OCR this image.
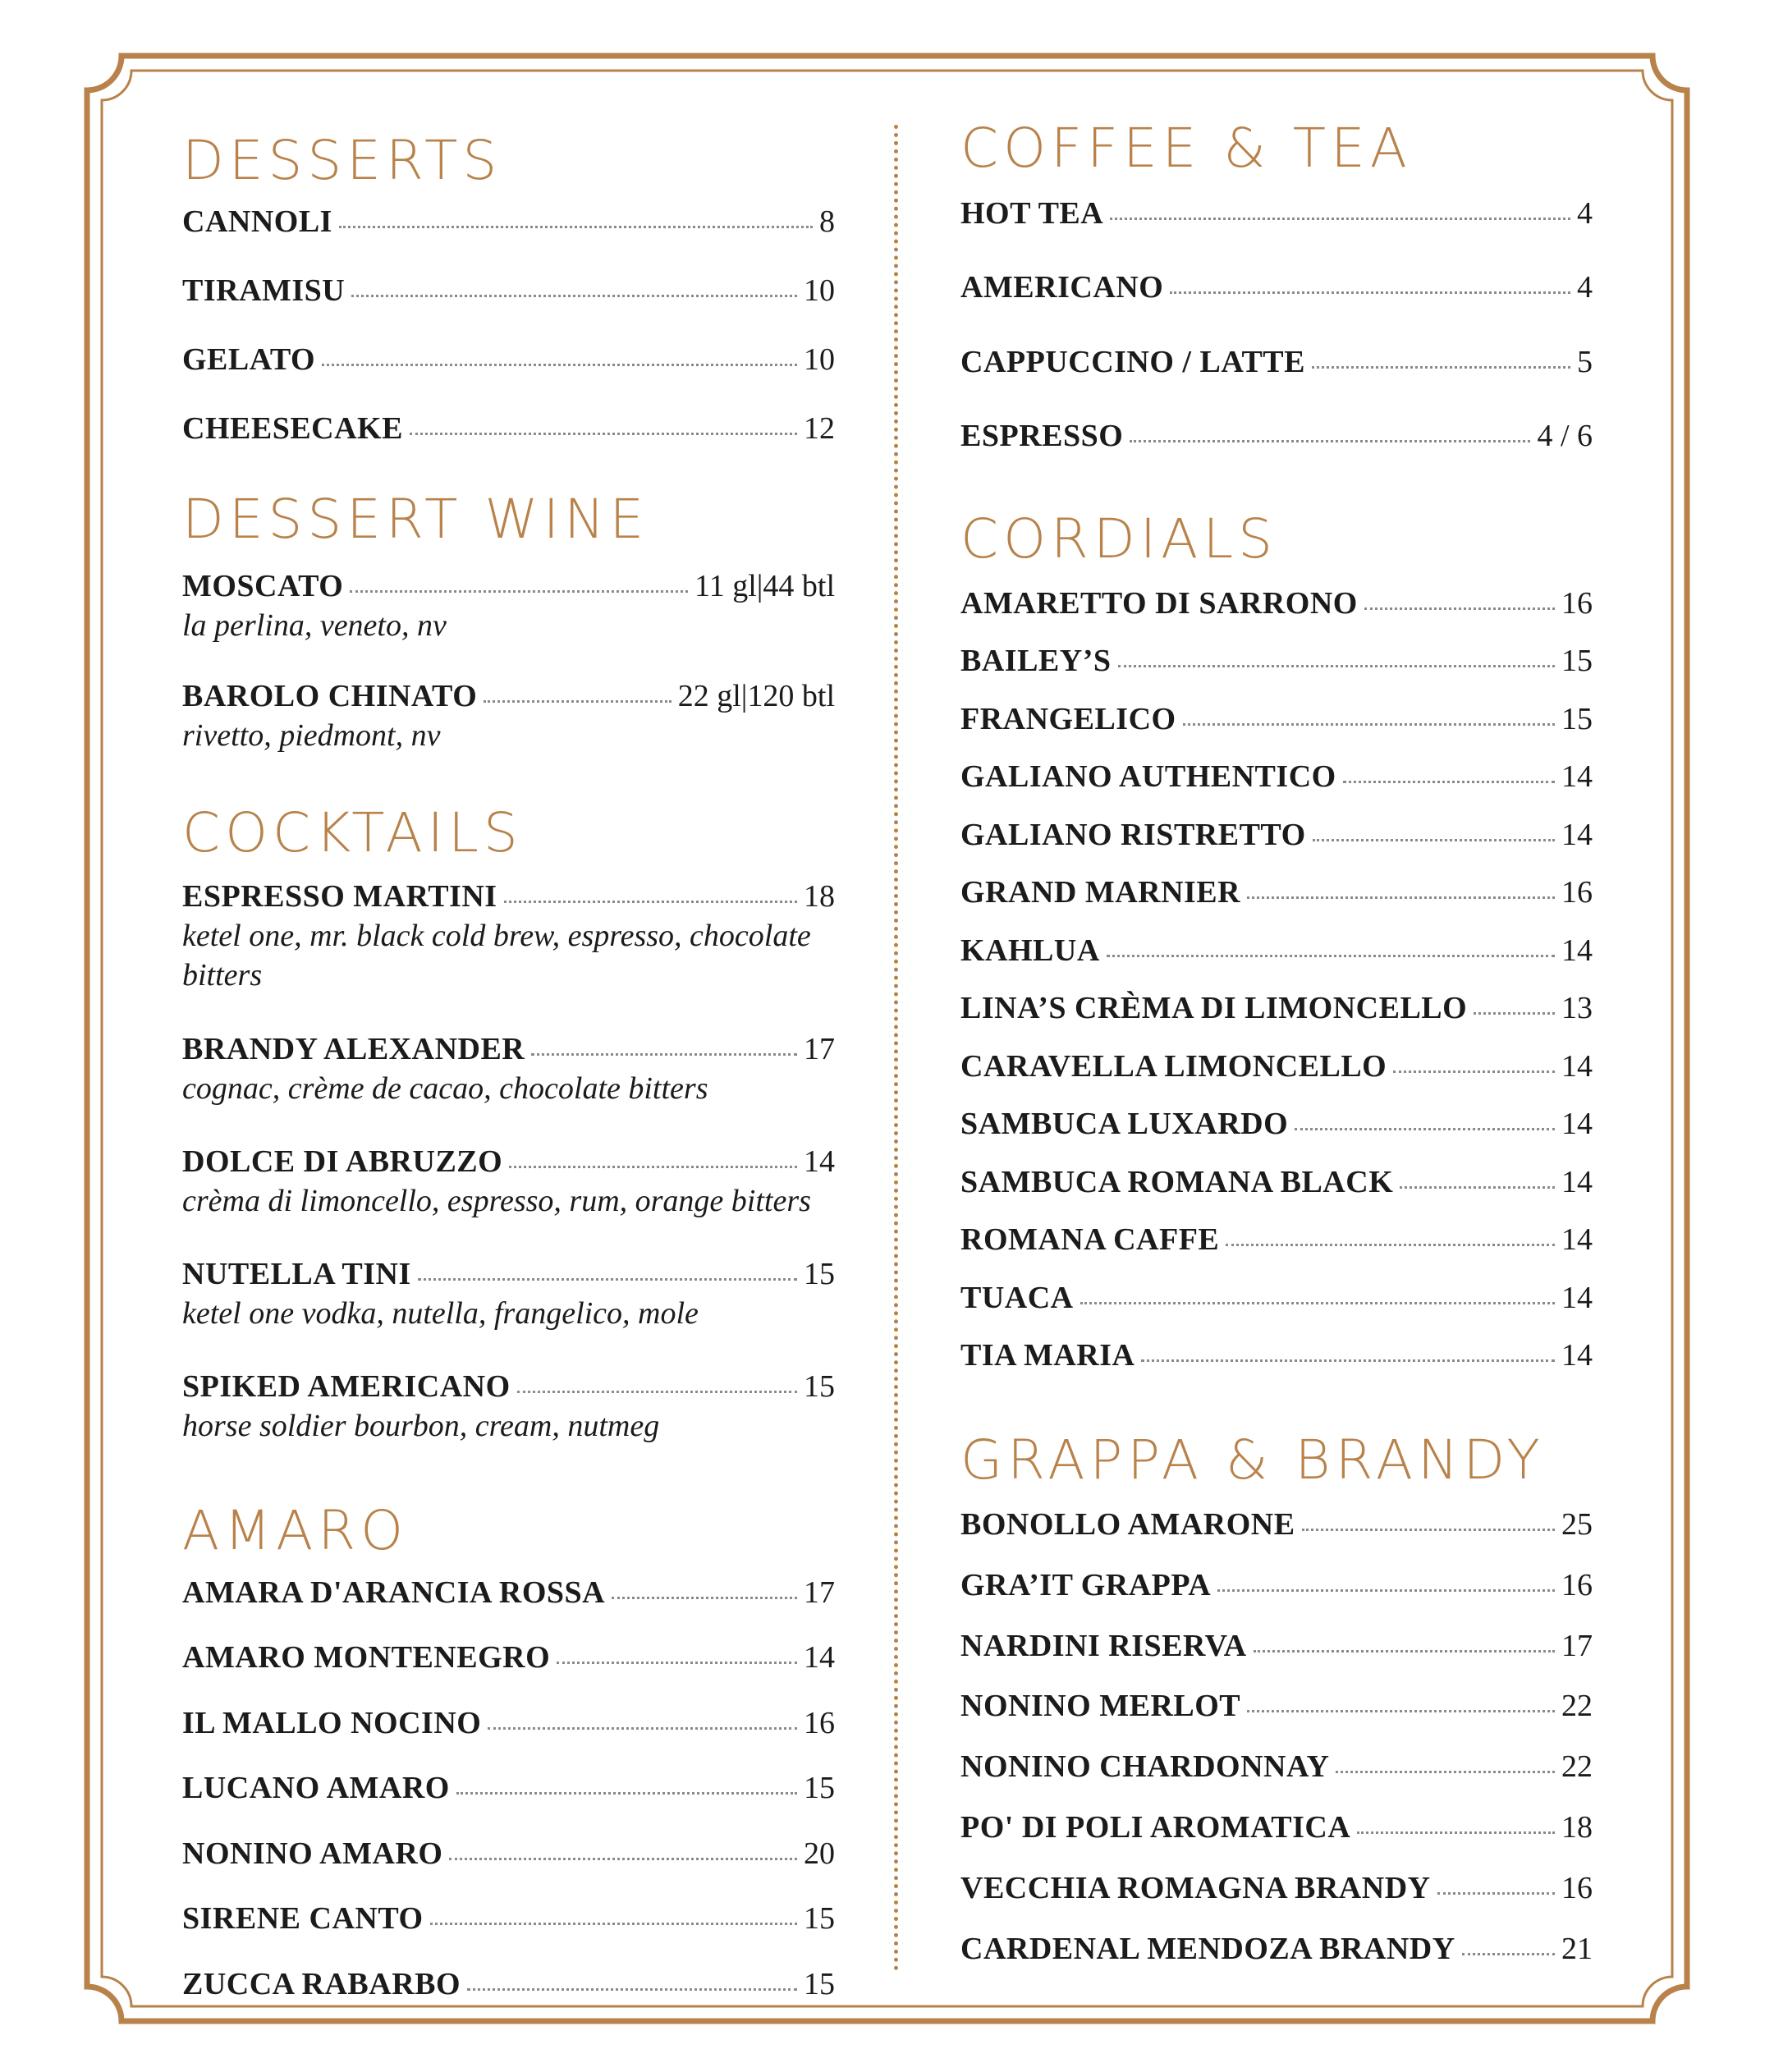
DESSERTS
CANNOLI	8
TIRAMISU	10
GELATO	10
CHEESECAKE	12
DESSERT WINE
MOSCATO	11 gl|44 btl
la perlina, veneto, nv
BAROLO CHINATO	22 gl|120 btl
rivetto, piedmont, nv
COCKTAILS
ESPRESSO MARTINI	18
ketel one, mr. black cold brew, espresso, chocolate bitters
BRANDY ALEXANDER	17
cognac, crème de cacao, chocolate bitters
DOLCE DI ABRUZZO	14
crèma di limoncello, espresso, rum, orange bitters
NUTELLA TINI	15
ketel one vodka, nutella, frangelico, mole
SPIKED AMERICANO	15
horse soldier bourbon, cream, nutmeg
AMARO
AMARA D'ARANCIA ROSSA	17
AMARO MONTENEGRO	14
IL MALLO NOCINO	16
LUCANO AMARO	15
NONINO AMARO	20
SIRENE CANTO	15
ZUCCA RABARBO	15
COFFEE & TEA
HOT TEA	4
AMERICANO	4
CAPPUCCINO / LATTE	5
ESPRESSO	4 / 6
CORDIALS
AMARETTO DI SARRONO	16
BAILEY’S	15
FRANGELICO	15
GALIANO AUTHENTICO	14
GALIANO RISTRETTO	14
GRAND MARNIER	16
KAHLUA	14
LINA’S CRÈMA DI LIMONCELLO	13
CARAVELLA LIMONCELLO	14
SAMBUCA LUXARDO	14
SAMBUCA ROMANA BLACK	14
ROMANA CAFFE	14
TUACA	14
TIA MARIA	14
GRAPPA & BRANDY
BONOLLO AMARONE	25
GRA’IT GRAPPA	16
NARDINI RISERVA	17
NONINO MERLOT	22
NONINO CHARDONNAY	22
PO' DI POLI AROMATICA	18
VECCHIA ROMAGNA BRANDY	16
CARDENAL MENDOZA BRANDY	21
